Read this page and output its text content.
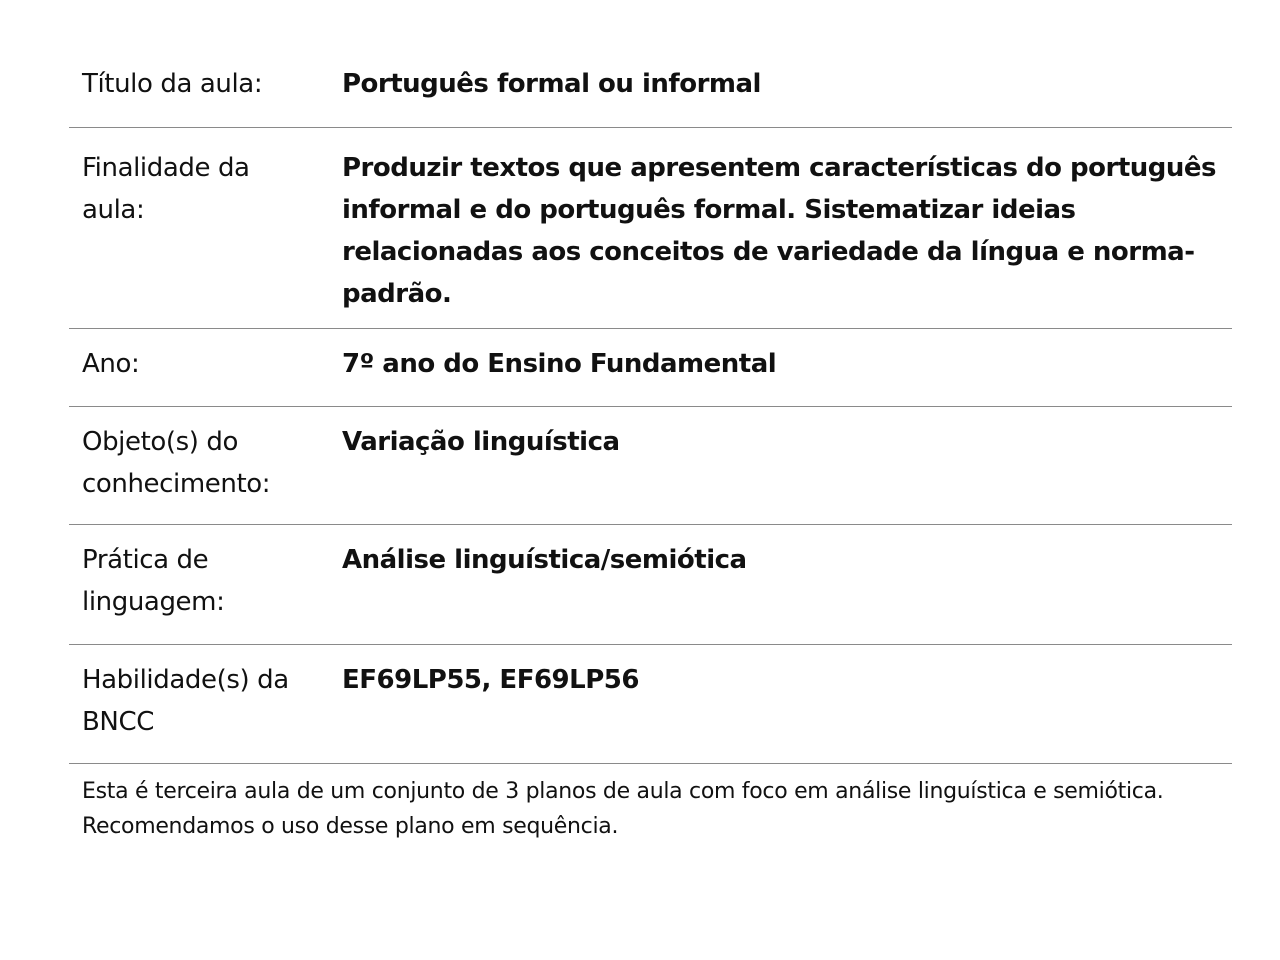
Título da aula:	Português formal ou informal
Finalidade da aula:
Produzir textos que apresentem características do português informal e do português formal. Sistematizar ideias relacionadas aos conceitos de variedade da língua e norma-padrão.
Ano:	7º ano do Ensino Fundamental
Objeto(s) do conhecimento:
Variação linguística
Prática de linguagem:
Análise linguística/semiótica
Habilidade(s) da BNCC
EF69LP55, EF69LP56
Esta é terceira aula de um conjunto de 3 planos de aula com foco em análise linguística e semiótica. Recomendamos o uso desse plano em sequência.
